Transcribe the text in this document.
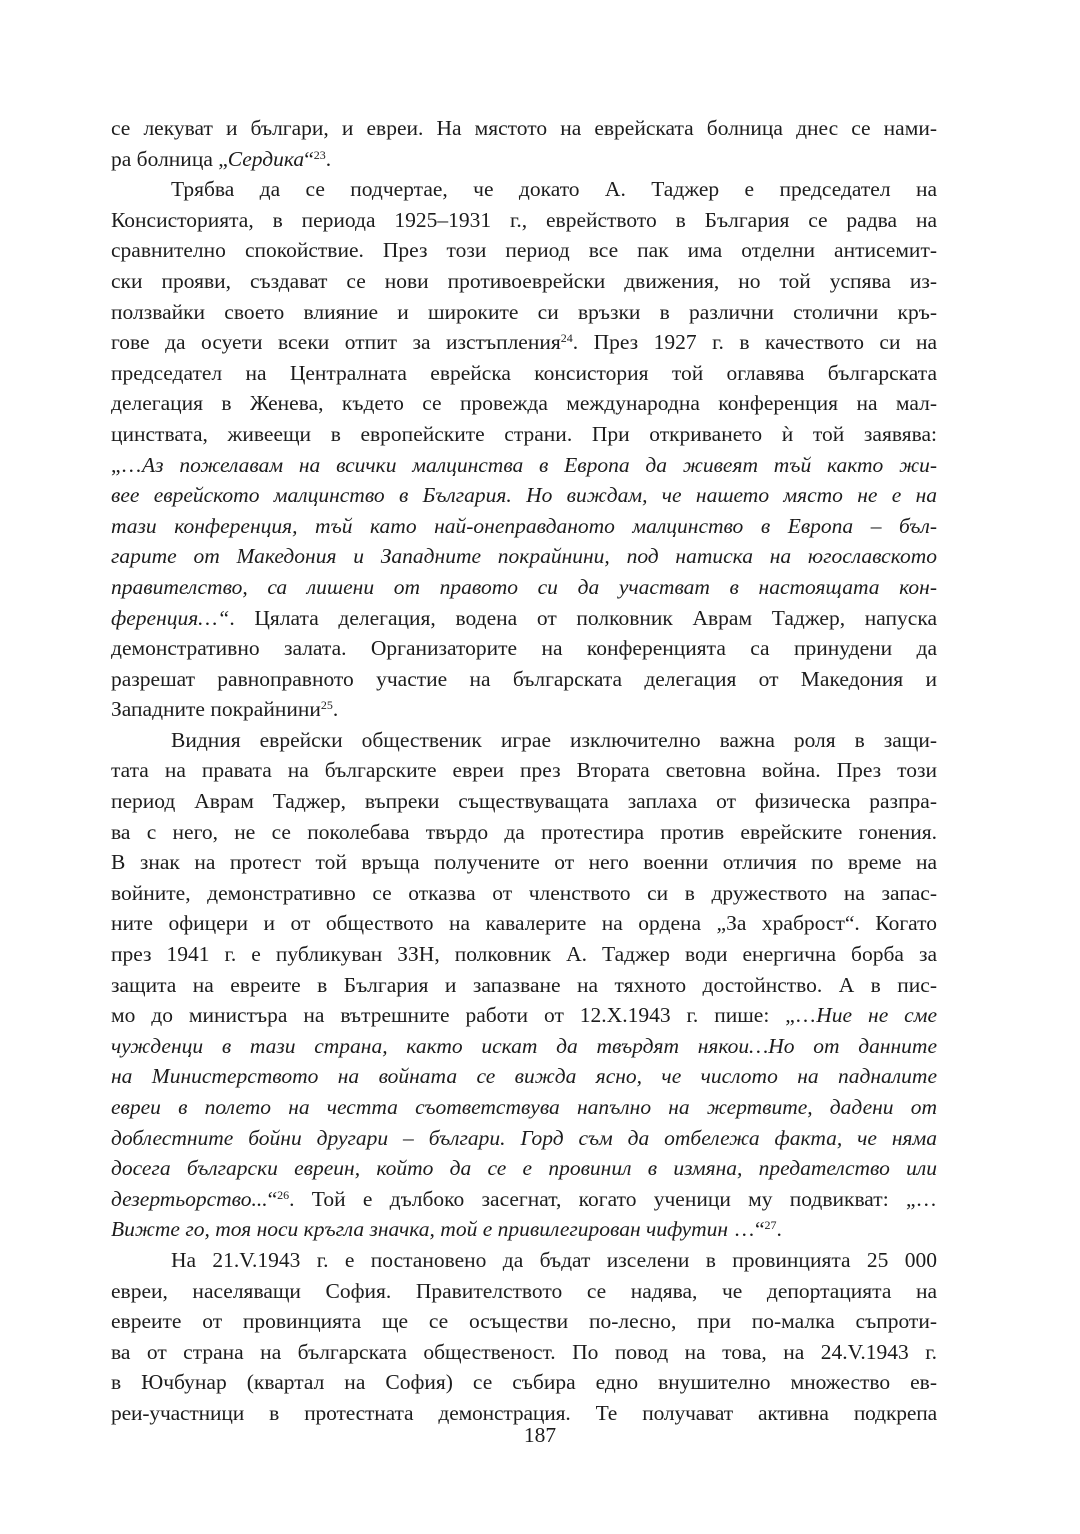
се лекуват и българи, и евреи. На мястото на еврейската болница днес се нами-

ра болница „Сердика“$^{23}$.

Трябва да се подчертае, че докато А. Таджер е председател на

Консисторията, в периода 1925–1931 г., еврейството в България се радва на

сравнително спокойствие. През този период все пак има отделни антисемит-

ски прояви, създават се нови противоеврейски движения, но той успява из-

ползвайки своето влияние и широките си връзки в различни столични кръ-

гове да осуети всеки отпит за изстъпления$^{24}$. През 1927 г. в качеството си на

председател на Централната еврейска консистория той оглавява българската

делегация в Женева, където се провежда международна конференция на мал-

цинствата, живеещи в европейските страни. При откриването ѝ той заявява:

„…Аз пожелавам на всички малцинства в Европа да живеят тъй както жи-

вее еврейското малцинство в България. Но виждам, че нашето място не е на

тази конференция, тъй като най-онеправданото малцинство в Европа – бъл-

гарите от Македония и Западните покрайнини, под натиска на югославското

правителство, са лишени от правото си да участват в настоящата кон-

ференция…“. Цялата делегация, водена от полковник Аврам Таджер, напуска

демонстративно залата. Организаторите на конференцията са принудени да

разрешат равноправното участие на българската делегация от Македония и

Западните покрайнини$^{25}$.

Видния еврейски общественик играе изключително важна роля в защи-

тата на правата на българските евреи през Втората световна война. През този

период Аврам Таджер, въпреки съществуващата заплаха от физическа разпра-

ва с него, не се поколебава твърдо да протестира против еврейските гонения.

В знак на протест той връща получените от него военни отличия по време на

войните, демонстративно се отказва от членството си в дружеството на запас-

ните офицери и от обществото на кавалерите на ордена „За храброст“. Когато

през 1941 г. е публикуван ЗЗН, полковник А. Таджер води енергична борба за

защита на евреите в България и запазване на тяхното достойнство. А в пис-

мо до министъра на вътрешните работи от 12.X.1943 г. пише: „…Ние не сме

чужденци в тази страна, както искат да твърдят някои…Но от данните

на Министерството на войната се вижда ясно, че числото на падналите

евреи в полето на честта съответствува напълно на жертвите, дадени от

доблестните бойни другари – българи. Горд съм да отбележа факта, че няма

досега български евреин, който да се е провинил в измяна, предателство или

дезертьорство...“$^{26}$. Той е дълбоко засегнат, когато ученици му подвикват: „…

Вижте го, тоя носи кръгла значка, той е привилегирован чифутин …“$^{27}$.

На 21.V.1943 г. е постановено да бъдат изселени в провинцията 25 000

евреи, населяващи София. Правителството се надява, че депортацията на

евреите от провинцията ще се осъществи по-лесно, при по-малка съпроти-

ва от страна на българската общественост. По повод на това, на 24.V.1943 г.

в Ючбунар (квартал на София) се събира едно внушително множество ев-

реи-участници в протестната демонстрация. Те получават активна подкрепа

187
